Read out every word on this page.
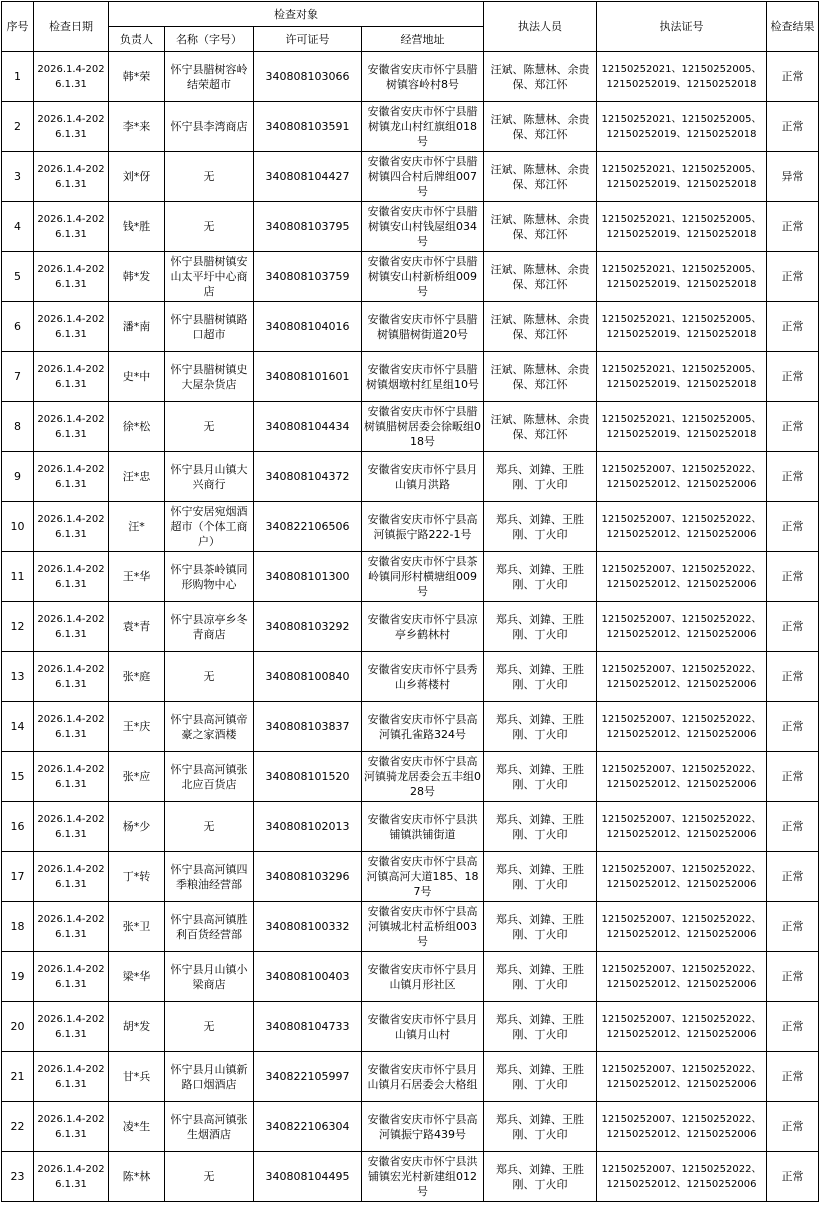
序号	检查日期	检查对象				执法人员	执法证号	检查结果
		负责人	名称（字号）	许可证号	经营地址			
1	2026.1.4-2026.1.31	韩*荣	怀宁县腊树容岭结荣超市	340808103066	安徽省安庆市怀宁县腊树镇容岭村8号	汪斌、陈慧林、余贵保、郑江怀	12150252021、12150252005、12150252019、12150252018	正常
2	2026.1.4-2026.1.31	李*来	怀宁县李湾商店	340808103591	安徽省安庆市怀宁县腊树镇龙山村红旗组018号	汪斌、陈慧林、余贵保、郑江怀	12150252021、12150252005、12150252019、12150252018	正常
3	2026.1.4-2026.1.31	刘*伢	无	340808104427	安徽省安庆市怀宁县腊树镇四合村后牌组007号	汪斌、陈慧林、余贵保、郑江怀	12150252021、12150252005、12150252019、12150252018	异常
4	2026.1.4-2026.1.31	钱*胜	无	340808103795	安徽省安庆市怀宁县腊树镇安山村钱屋组034号	汪斌、陈慧林、余贵保、郑江怀	12150252021、12150252005、12150252019、12150252018	正常
5	2026.1.4-2026.1.31	韩*发	怀宁县腊树镇安山太平圩中心商店	340808103759	安徽省安庆市怀宁县腊树镇安山村新桥组009号	汪斌、陈慧林、余贵保、郑江怀	12150252021、12150252005、12150252019、12150252018	正常
6	2026.1.4-2026.1.31	潘*南	怀宁县腊树镇路口超市	340808104016	安徽省安庆市怀宁县腊树镇腊树街道20号	汪斌、陈慧林、余贵保、郑江怀	12150252021、12150252005、12150252019、12150252018	正常
7	2026.1.4-2026.1.31	史*中	怀宁县腊树镇史大屋杂货店	340808101601	安徽省安庆市怀宁县腊树镇烟墩村红星组10号	汪斌、陈慧林、余贵保、郑江怀	12150252021、12150252005、12150252019、12150252018	正常
8	2026.1.4-2026.1.31	徐*松	无	340808104434	安徽省安庆市怀宁县腊树镇腊树居委会徐畈组018号	汪斌、陈慧林、余贵保、郑江怀	12150252021、12150252005、12150252019、12150252018	正常
9	2026.1.4-2026.1.31	汪*忠	怀宁县月山镇大兴商行	340808104372	安徽省安庆市怀宁县月山镇月洪路	郑兵、刘鍏、王胜刚、丁火印	12150252007、12150252022、12150252012、12150252006	正常
10	2026.1.4-2026.1.31	汪*	怀宁安居宛烟酒超市（个体工商户）	340822106506	安徽省安庆市怀宁县高河镇振宁路222-1号	郑兵、刘鍏、王胜刚、丁火印	12150252007、12150252022、12150252012、12150252006	正常
11	2026.1.4-2026.1.31	王*华	怀宁县茶岭镇同形购物中心	340808101300	安徽省安庆市怀宁县茶岭镇同形村横塘组009号	郑兵、刘鍏、王胜刚、丁火印	12150252007、12150252022、12150252012、12150252006	正常
12	2026.1.4-2026.1.31	袁*青	怀宁县凉亭乡冬青商店	340808103292	安徽省安庆市怀宁县凉亭乡鹤林村	郑兵、刘鍏、王胜刚、丁火印	12150252007、12150252022、12150252012、12150252006	正常
13	2026.1.4-2026.1.31	张*庭	无	340808100840	安徽省安庆市怀宁县秀山乡蒋楼村	郑兵、刘鍏、王胜刚、丁火印	12150252007、12150252022、12150252012、12150252006	正常
14	2026.1.4-2026.1.31	王*庆	怀宁县高河镇帝豪之家酒楼	340808103837	安徽省安庆市怀宁县高河镇孔雀路324号	郑兵、刘鍏、王胜刚、丁火印	12150252007、12150252022、12150252012、12150252006	正常
15	2026.1.4-2026.1.31	张*应	怀宁县高河镇张北应百货店	340808101520	安徽省安庆市怀宁县高河镇骑龙居委会五丰组028号	郑兵、刘鍏、王胜刚、丁火印	12150252007、12150252022、12150252012、12150252006	正常
16	2026.1.4-2026.1.31	杨*少	无	340808102013	安徽省安庆市怀宁县洪铺镇洪铺街道	郑兵、刘鍏、王胜刚、丁火印	12150252007、12150252022、12150252012、12150252006	正常
17	2026.1.4-2026.1.31	丁*转	怀宁县高河镇四季粮油经营部	340808103296	安徽省安庆市怀宁县高河镇高河大道185、187号	郑兵、刘鍏、王胜刚、丁火印	12150252007、12150252022、12150252012、12150252006	正常
18	2026.1.4-2026.1.31	张*卫	怀宁县高河镇胜利百货经营部	340808100332	安徽省安庆市怀宁县高河镇城北村孟桥组003号	郑兵、刘鍏、王胜刚、丁火印	12150252007、12150252022、12150252012、12150252006	正常
19	2026.1.4-2026.1.31	梁*华	怀宁县月山镇小梁商店	340808100403	安徽省安庆市怀宁县月山镇月形社区	郑兵、刘鍏、王胜刚、丁火印	12150252007、12150252022、12150252012、12150252006	正常
20	2026.1.4-2026.1.31	胡*发	无	340808104733	安徽省安庆市怀宁县月山镇月山村	郑兵、刘鍏、王胜刚、丁火印	12150252007、12150252022、12150252012、12150252006	正常
21	2026.1.4-2026.1.31	甘*兵	怀宁县月山镇新路口烟酒店	340822105997	安徽省安庆市怀宁县月山镇月石居委会大格组	郑兵、刘鍏、王胜刚、丁火印	12150252007、12150252022、12150252012、12150252006	正常
22	2026.1.4-2026.1.31	凌*生	怀宁县高河镇张生烟酒店	340822106304	安徽省安庆市怀宁县高河镇振宁路439号	郑兵、刘鍏、王胜刚、丁火印	12150252007、12150252022、12150252012、12150252006	正常
23	2026.1.4-2026.1.31	陈*林	无	340808104495	安徽省安庆市怀宁县洪铺镇宏光村新建组012号	郑兵、刘鍏、王胜刚、丁火印	12150252007、12150252022、12150252012、12150252006	正常
